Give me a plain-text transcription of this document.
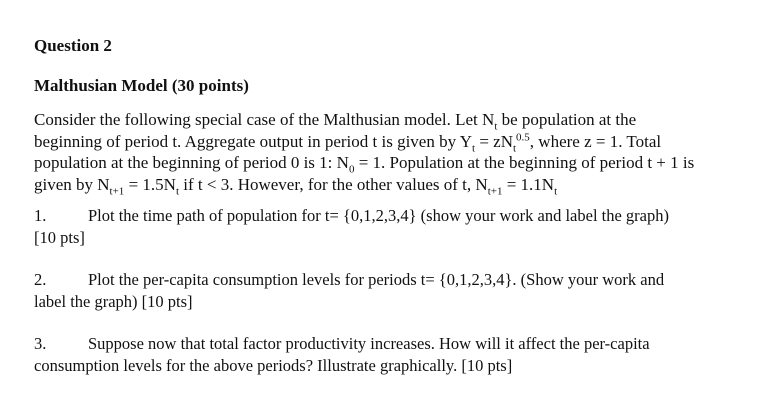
Question 2
Malthusian Model (30 points)
Consider the following special case of the Malthusian model. Let $N_t$ be population at the
beginning of period t. Aggregate output in period t is given by $Y_t = zN_t^{0.5}$, where z = 1. Total
population at the beginning of period 0 is 1: $N_0 = 1$. Population at the beginning of period t + 1 is
given by $N_{t+1} = 1.5N_t$ if t < 3. However, for the other values of t, $N_{t+1} = 1.1N_t$
1.	Plot the time path of population for t= {0,1,2,3,4} (show your work and label the graph)
[10 pts]
2.	Plot the per-capita consumption levels for periods t= {0,1,2,3,4}. (Show your work and
label the graph) [10 pts]
3.	Suppose now that total factor productivity increases. How will it affect the per-capita
consumption levels for the above periods? Illustrate graphically. [10 pts]
